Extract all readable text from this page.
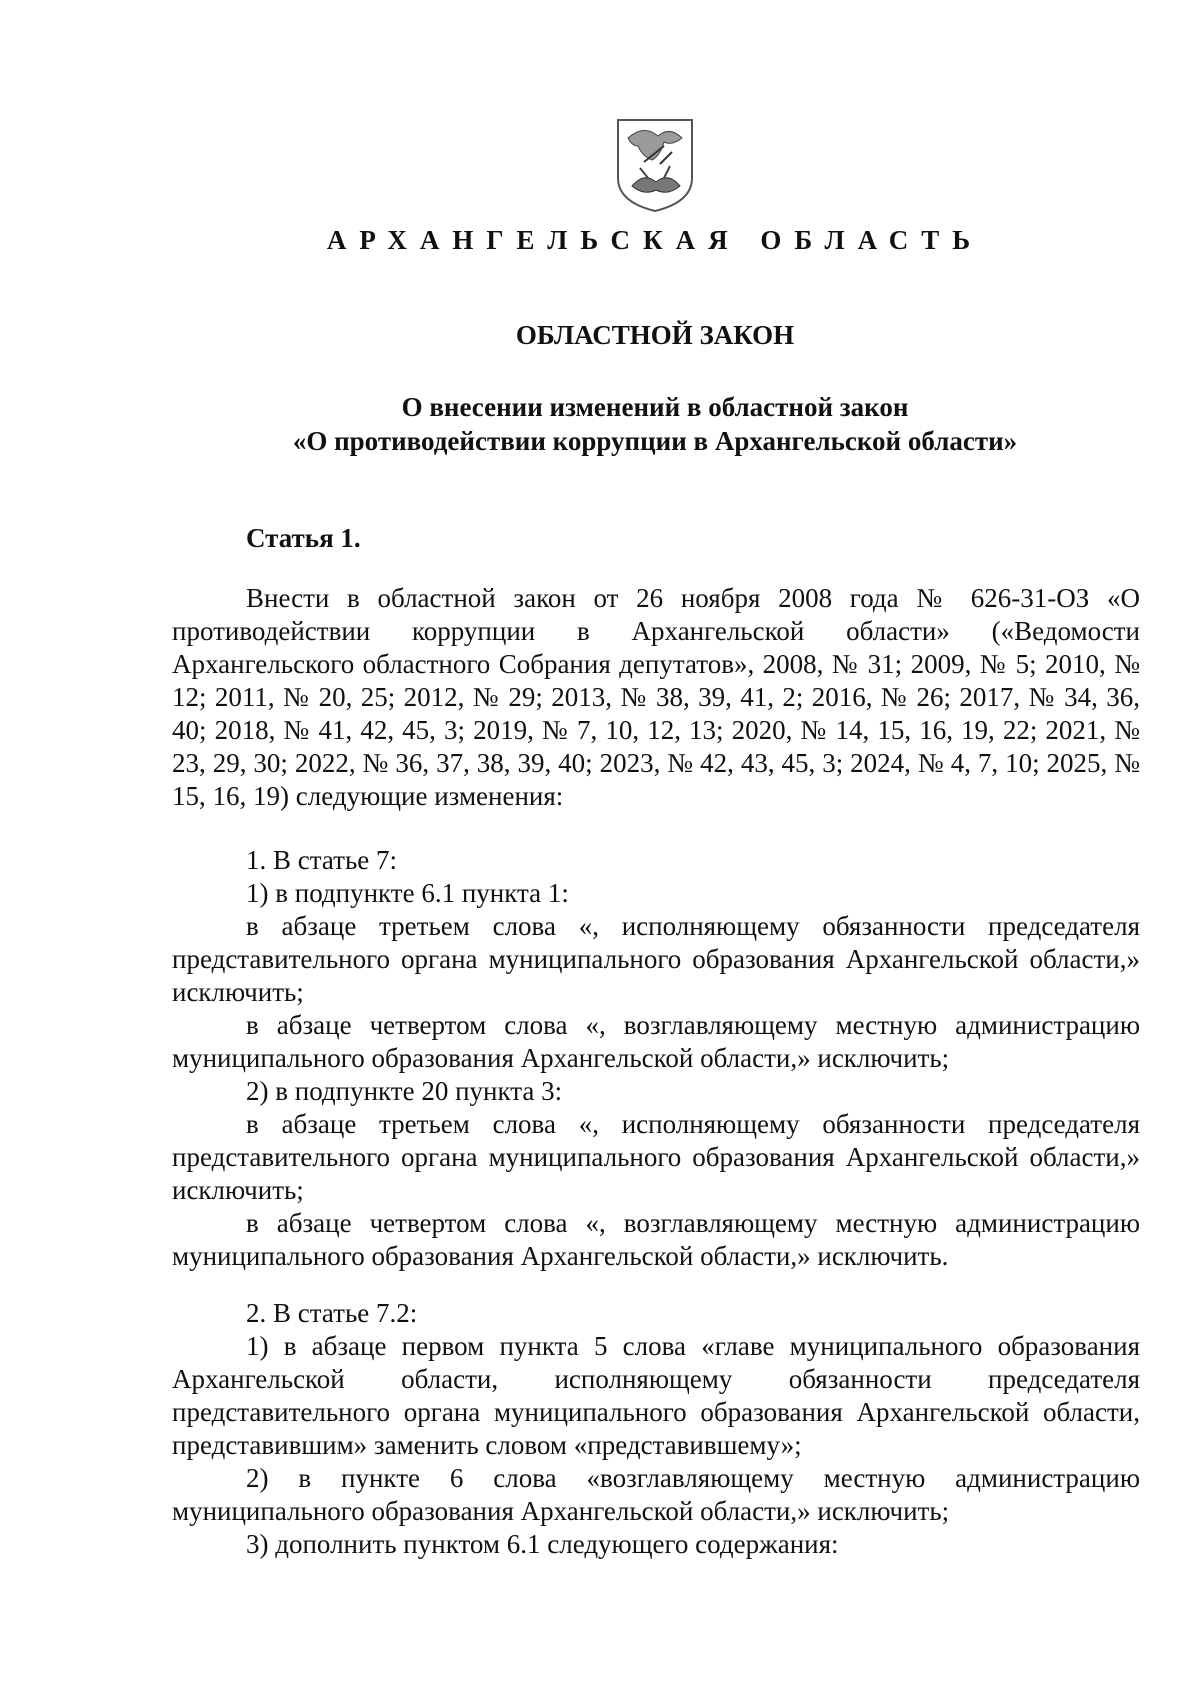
АРХАНГЕЛЬСКАЯ ОБЛАСТЬ
ОБЛАСТНОЙ ЗАКОН
О внесении изменений в областной закон
«О противодействии коррупции в Архангельской области»
Статья 1.

Внести в областной закон от 26 ноября 2008 года № 626-31-ОЗ «О противодействии коррупции в Архангельской области» («Ведомости Архангельского областного Собрания депутатов», 2008, № 31; 2009, № 5; 2010, № 12; 2011, № 20, 25; 2012, № 29; 2013, № 38, 39, 41, 2; 2016, № 26; 2017, № 34, 36, 40; 2018, № 41, 42, 45, 3; 2019, № 7, 10, 12, 13; 2020, № 14, 15, 16, 19, 22; 2021, № 23, 29, 30; 2022, № 36, 37, 38, 39, 40; 2023, № 42, 43, 45, 3; 2024, № 4, 7, 10; 2025, № 15, 16, 19) следующие изменения:

1. В статье 7:

1) в подпункте 6.1 пункта 1:

в абзаце третьем слова «, исполняющему обязанности председателя представительного органа муниципального образования Архангельской области,» исключить;

в абзаце четвертом слова «, возглавляющему местную администрацию муниципального образования Архангельской области,» исключить;

2) в подпункте 20 пункта 3:

в абзаце третьем слова «, исполняющему обязанности председателя представительного органа муниципального образования Архангельской области,» исключить;

в абзаце четвертом слова «, возглавляющему местную администрацию муниципального образования Архангельской области,» исключить.

2. В статье 7.2:

1) в абзаце первом пункта 5 слова «главе муниципального образования Архангельской области, исполняющему обязанности председателя представительного органа муниципального образования Архангельской области, представившим» заменить словом «представившему»;

2) в пункте 6 слова «возглавляющему местную администрацию муниципального образования Архангельской области,» исключить;

3) дополнить пунктом 6.1 следующего содержания:
